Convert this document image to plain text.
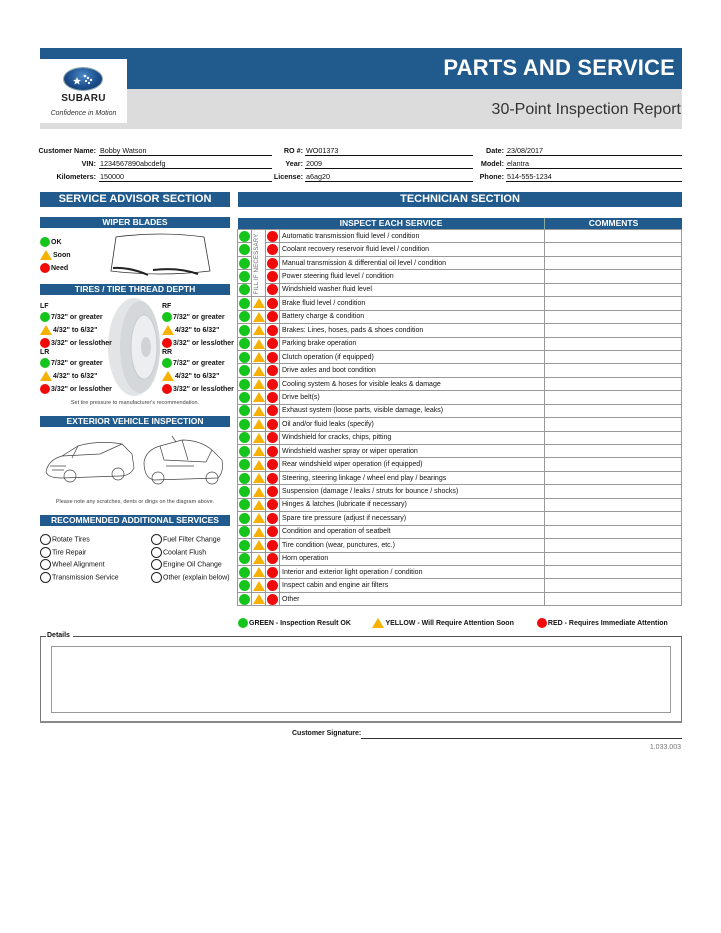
PARTS AND SERVICE
30-Point Inspection Report
SUBARU
Confidence in Motion
Customer Name: Bobby Watson	RO #: WO01373	Date: 23/08/2017
VIN: 1234567890abcdefg	Year: 2009	Model: elantra
Kilometers: 150000	License: a6ag20	Phone: 514-555-1234
SERVICE ADVISOR SECTION
WIPER BLADES
OK
Soon
Need
TIRES / TIRE THREAD DEPTH
LF
7/32" or greater
4/32" to 6/32"
3/32" or less/other
LR
7/32" or greater
4/32" to 6/32"
3/32" or less/other
RF
7/32" or greater
4/32" to 6/32"
3/32" or less/other
RR
7/32" or greater
4/32" to 6/32"
3/32" or less/other
Set tire pressure to manufacturer's recommendation.
EXTERIOR VEHICLE INSPECTION
Please note any scratches, dents or dings on the diagram above.
RECOMMENDED ADDITIONAL SERVICES
Rotate Tires
Tire Repair
Wheel Alignment
Transmission Service
Fuel Filter Change
Coolant Flush
Engine Oil Change
Other (explain below)
TECHNICIAN SECTION
INSPECT EACH SERVICE	COMMENTS
			Automatic transmission fluid level / condition	
			Coolant recovery reservoir fluid level / condition	
			Manual transmission & differential oil level / condition	
			Power steering fluid level / condition	
			Windshield washer fluid level	
			Brake fluid level / condition	
			Battery charge & condition	
			Brakes: Lines, hoses, pads & shoes condition	
			Parking brake operation	
			Clutch operation (if equipped)	
			Drive axles and boot condition	
			Cooling system & hoses for visible leaks & damage	
			Drive belt(s)	
			Exhaust system (loose parts, visible damage, leaks)	
			Oil and/or fluid leaks (specify)	
			Windshield for cracks, chips, pitting	
			Windshield washer spray or wiper operation	
			Rear windshield wiper operation (if equipped)	
			Steering, steering linkage / wheel end play / bearings	
			Suspension (damage / leaks / struts for bounce / shocks)	
			Hinges & latches (lubricate if necessary)	
			Spare tire pressure (adjust if necessary)	
			Condition and operation of seatbelt	
			Tire condition (wear, punctures, etc.)	
			Horn operation	
			Interior and exterior light operation / condition	
			Inspect cabin and engine air filters	
			Other	
FILL IF NECESSARY
GREEN - Inspection Result OK	YELLOW - Will Require Attention Soon	RED - Requires Immediate Attention
Details
Customer Signature:
1.033.003
